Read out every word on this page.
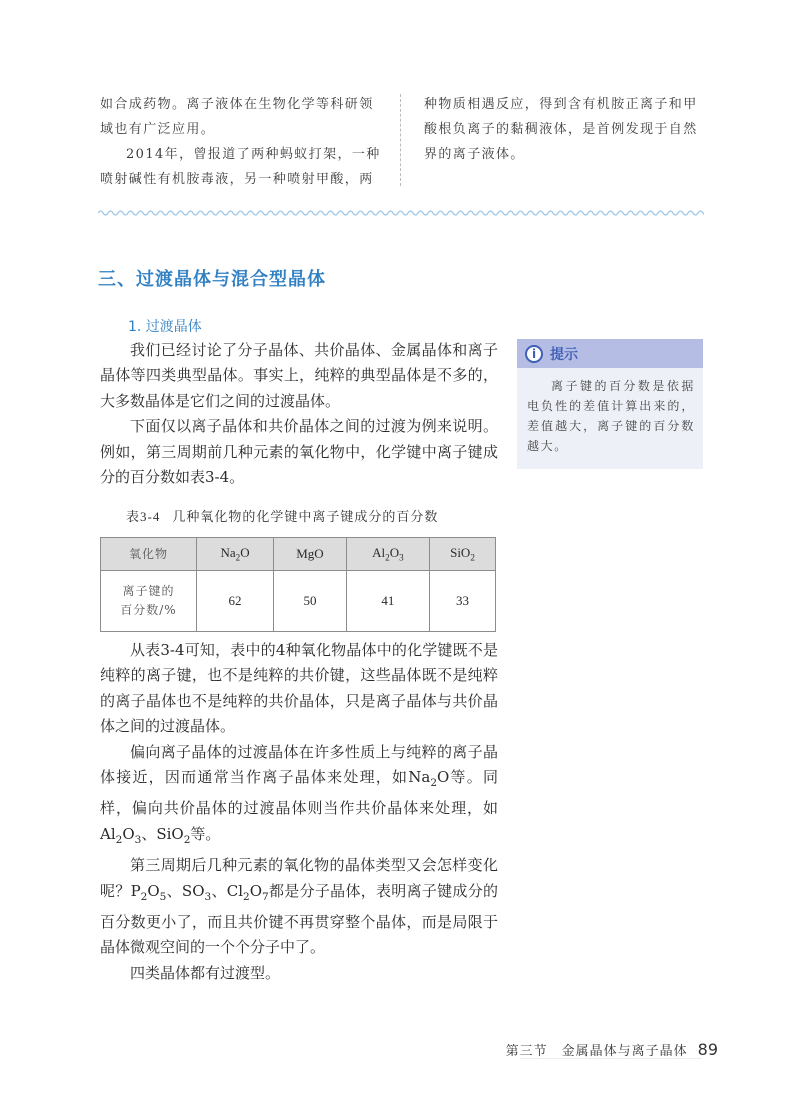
如合成药物。离子液体在生物化学等科研领域也有广泛应用。

2014年，曾报道了两种蚂蚁打架，一种喷射碱性有机胺毒液，另一种喷射甲酸，两

种物质相遇反应，得到含有机胺正离子和甲酸根负离子的黏稠液体，是首例发现于自然界的离子液体。

三、过渡晶体与混合型晶体
1. 过渡晶体

我们已经讨论了分子晶体、共价晶体、金属晶体和离子晶体等四类典型晶体。事实上，纯粹的典型晶体是不多的，大多数晶体是它们之间的过渡晶体。

下面仅以离子晶体和共价晶体之间的过渡为例来说明。例如，第三周期前几种元素的氧化物中，化学键中离子键成分的百分数如表3-4。

i 提示
离子键的百分数是依据电负性的差值计算出来的，差值越大，离子键的百分数越大。
表3-4 几种氧化物的化学键中离子键成分的百分数
氧化物	$Na_2O$	MgO	$Al_2O_3$	SiO$_2$
离子键的
百分数/%	62	50	41	33

从表3-4可知，表中的4种氧化物晶体中的化学键既不是纯粹的离子键，也不是纯粹的共价键，这些晶体既不是纯粹的离子晶体也不是纯粹的共价晶体，只是离子晶体与共价晶体之间的过渡晶体。

偏向离子晶体的过渡晶体在许多性质上与纯粹的离子晶体接近，因而通常当作离子晶体来处理，如$Na_2O$等。同样，偏向共价晶体的过渡晶体则当作共价晶体来处理，如$Al_2O_3$、SiO$_2$等。

第三周期后几种元素的氧化物的晶体类型又会怎样变化呢？$P_2O_5$、$SO_3$、$Cl_2O_7$都是分子晶体，表明离子键成分的百分数更小了，而且共价键不再贯穿整个晶体，而是局限于晶体微观空间的一个个分子中了。

四类晶体都有过渡型。

第三节　金属晶体与离子晶体 89
